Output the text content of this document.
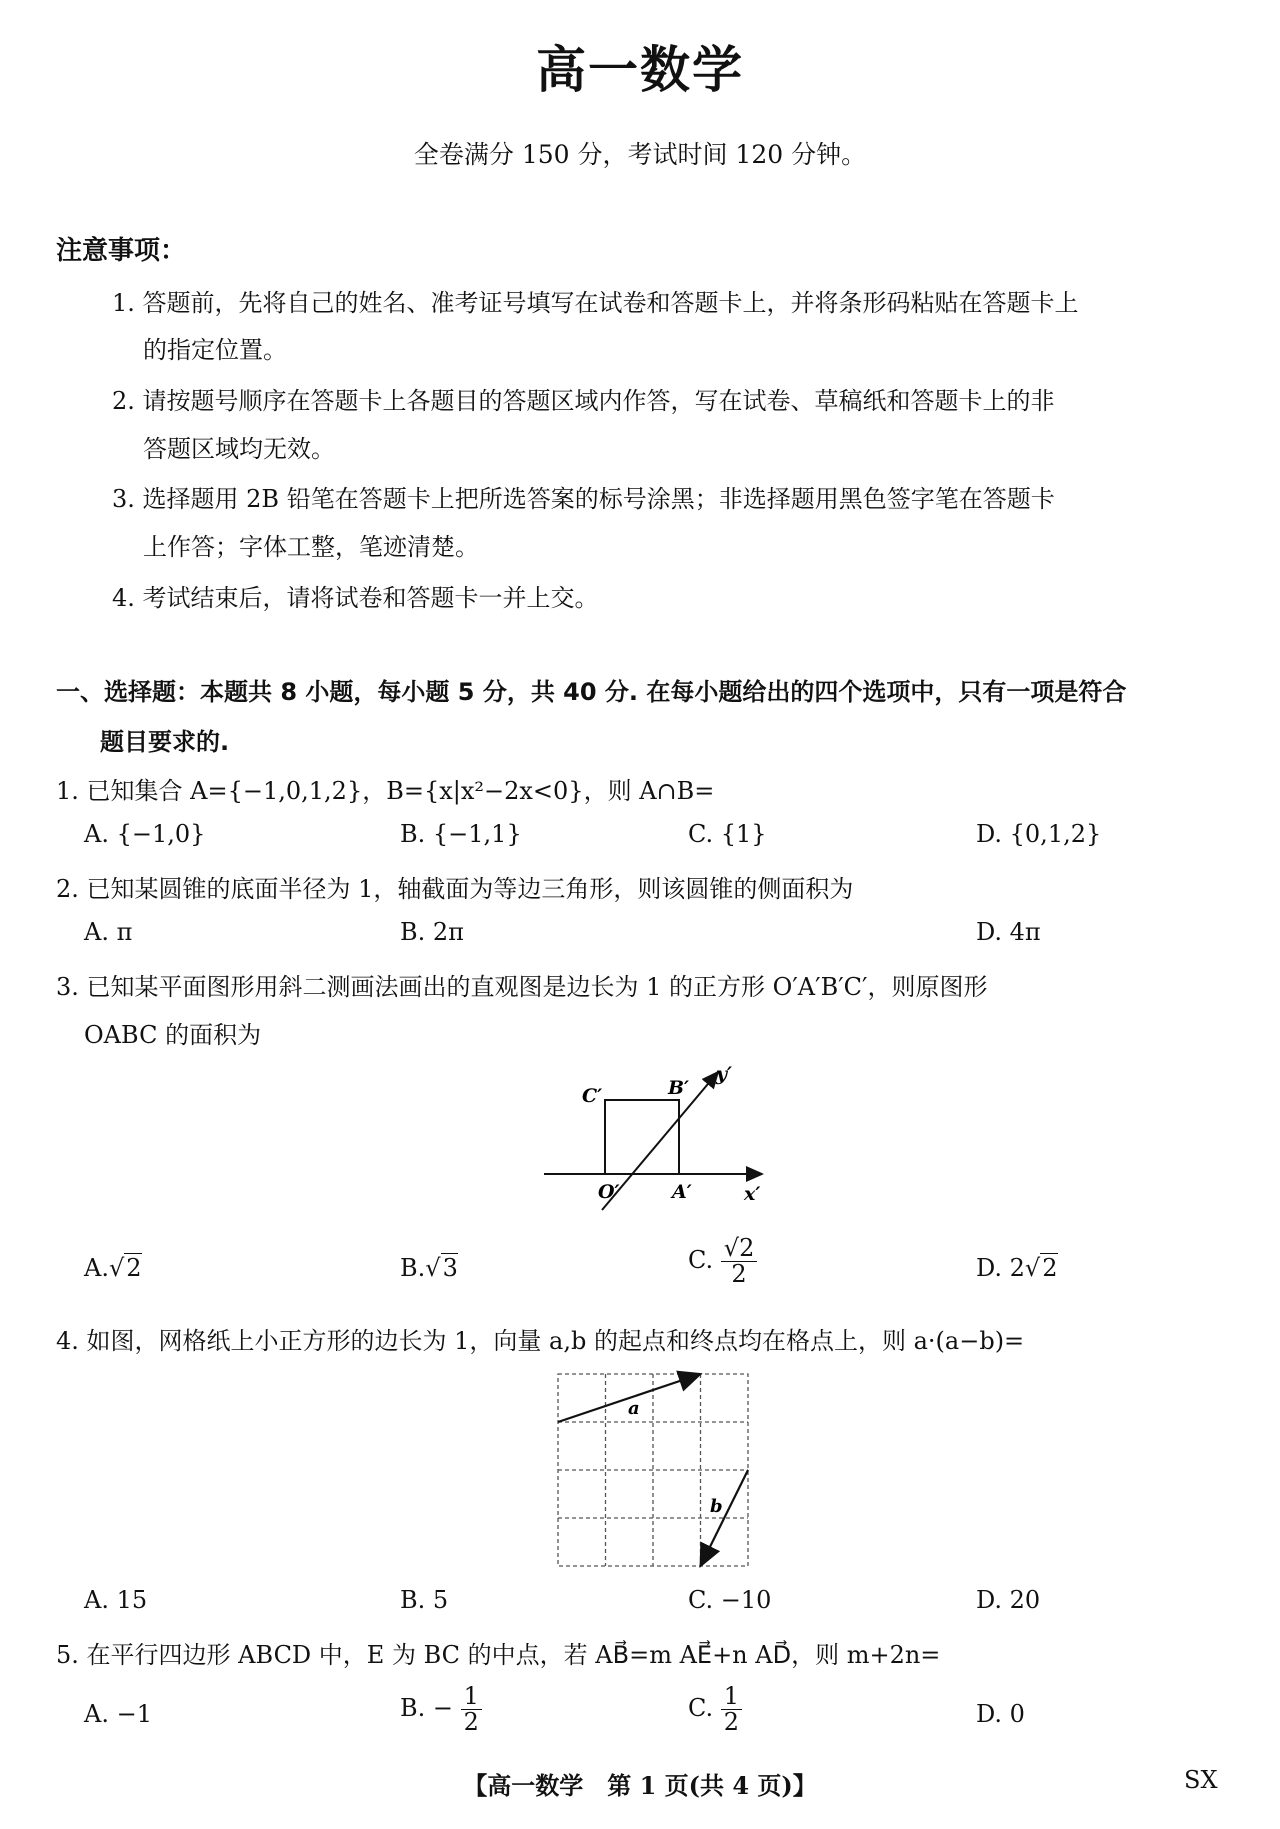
高一数学
全卷满分 150 分，考试时间 120 分钟。
注意事项：
1. 答题前，先将自己的姓名、准考证号填写在试卷和答题卡上，并将条形码粘贴在答题卡上
的指定位置。
2. 请按题号顺序在答题卡上各题目的答题区域内作答，写在试卷、草稿纸和答题卡上的非
答题区域均无效。
3. 选择题用 2B 铅笔在答题卡上把所选答案的标号涂黑；非选择题用黑色签字笔在答题卡
上作答；字体工整，笔迹清楚。
4. 考试结束后，请将试卷和答题卡一并上交。
一、选择题：本题共 8 小题，每小题 5 分，共 40 分. 在每小题给出的四个选项中，只有一项是符合
题目要求的.
1. 已知集合 A={−1,0,1,2}，B={x|x²−2x<0}，则 A∩B=
A. {−1,0}	B. {−1,1}	C. {1}	D. {0,1,2}
2. 已知某圆锥的底面半径为 1，轴截面为等边三角形，则该圆锥的侧面积为
A. π	B. 2π	D. 4π
3. 已知某平面图形用斜二测画法画出的直观图是边长为 1 的正方形 O′A′B′C′，则原图形
OABC 的面积为
C′	B′
y′
O′	A′	x′
A.√2	B.√3	C. $\frac{√2}{2}$	D. 2√2
4. 如图，网格纸上小正方形的边长为 1，向量 a,b 的起点和终点均在格点上，则 a·(a−b)=
a
b
A. 15	B. 5	C. −10	D. 20
5. 在平行四边形 ABCD 中，E 为 BC 的中点，若 AB⃗=m AE⃗+n AD⃗，则 m+2n=
A. −1	B. − $\frac{1}{2}$	C. $\frac{1}{2}$	D. 0
【高一数学　第 1 页(共 4 页)】	SX
